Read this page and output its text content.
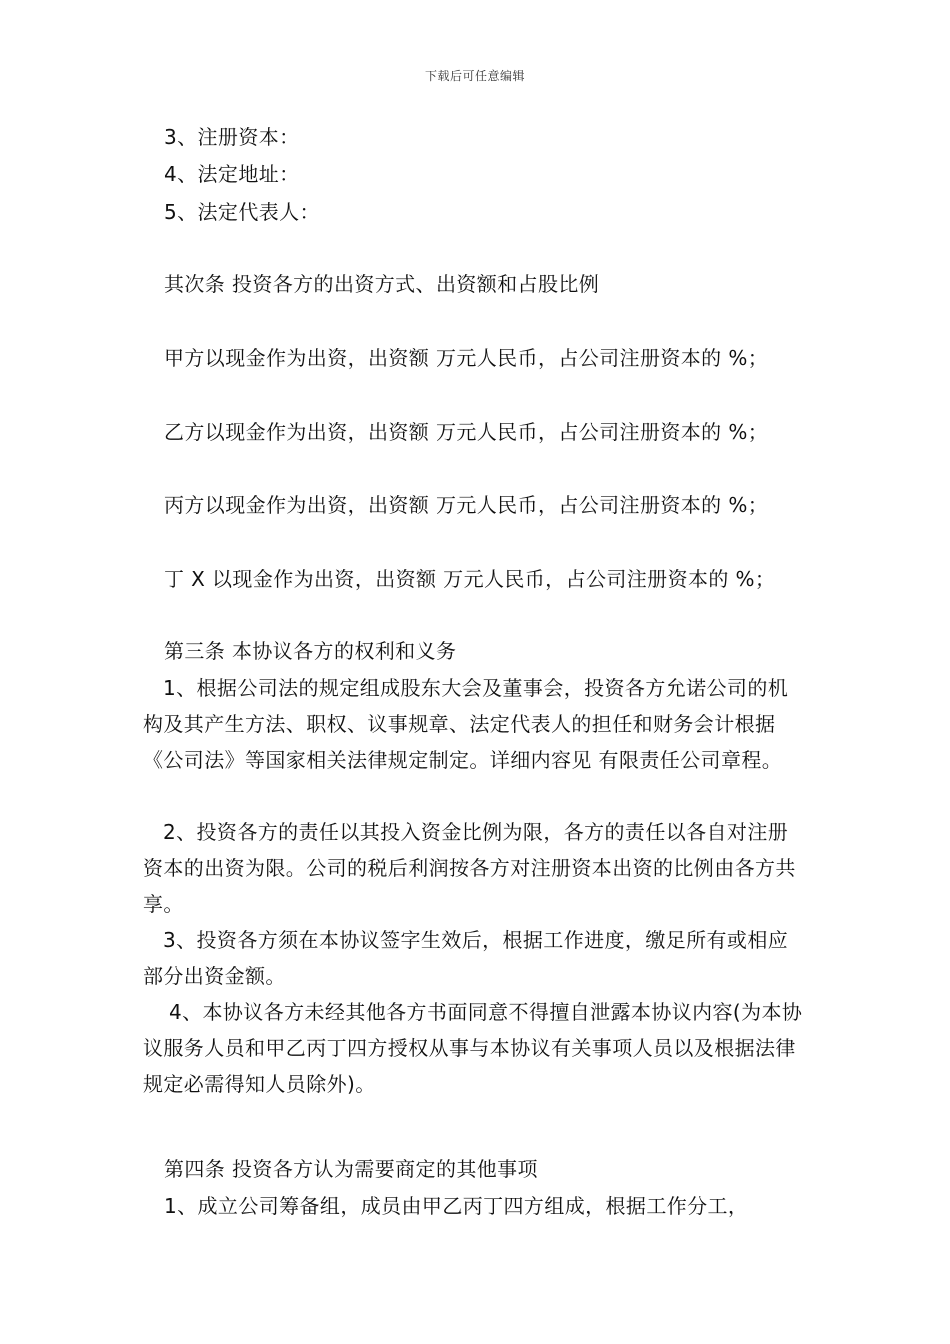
下载后可任意编辑
3、注册资本：
4、法定地址：
5、法定代表人：
其次条 投资各方的出资方式、出资额和占股比例
甲方以现金作为出资，出资额 万元人民币，占公司注册资本的 %；
乙方以现金作为出资，出资额 万元人民币，占公司注册资本的 %；
丙方以现金作为出资，出资额 万元人民币，占公司注册资本的 %；
丁 X 以现金作为出资，出资额 万元人民币，占公司注册资本的 %；
第三条 本协议各方的权利和义务
1、根据公司法的规定组成股东大会及董事会，投资各方允诺公司的机构及其产生方法、职权、议事规章、法定代表人的担任和财务会计根据《公司法》等国家相关法律规定制定。详细内容见 有限责任公司章程。
2、投资各方的责任以其投入资金比例为限，各方的责任以各自对注册资本的出资为限。公司的税后利润按各方对注册资本出资的比例由各方共享。
3、投资各方须在本协议签字生效后，根据工作进度，缴足所有或相应部分出资金额。
4、本协议各方未经其他各方书面同意不得擅自泄露本协议内容(为本协议服务人员和甲乙丙丁四方授权从事与本协议有关事项人员以及根据法律规定必需得知人员除外)。
第四条 投资各方认为需要商定的其他事项
1、成立公司筹备组，成员由甲乙丙丁四方组成，根据工作分工，
